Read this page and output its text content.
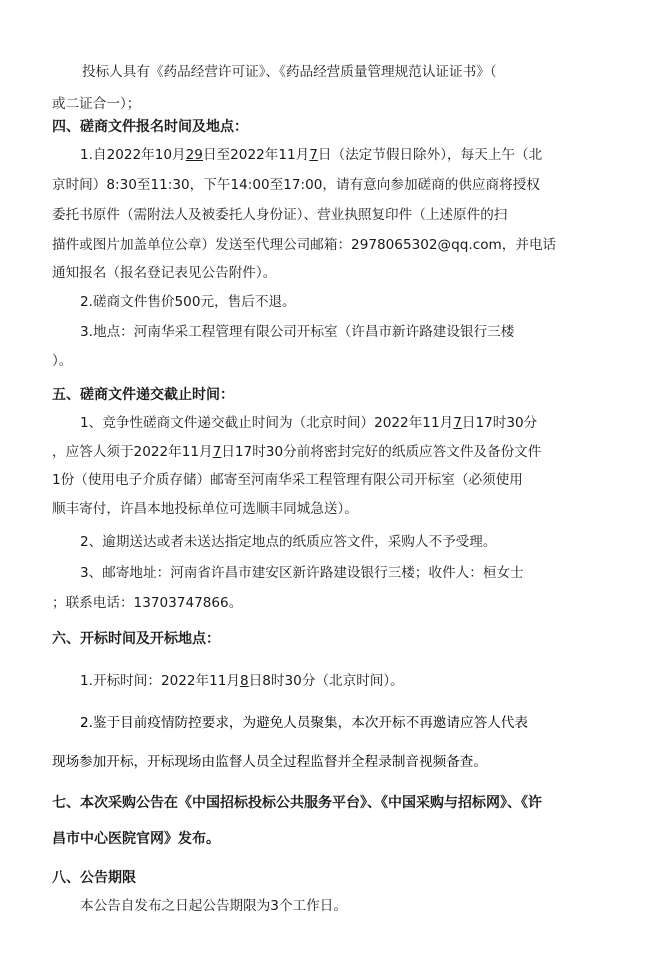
投标人具有《药品经营许可证》、《药品经营质量管理规范认证证书》（
或二证合一）；
四、磋商文件报名时间及地点：
1.自2022年10月29日至2022年11月7日（法定节假日除外），每天上午（北
京时间）8:30至11:30，下午14:00至17:00，请有意向参加磋商的供应商将授权
委托书原件（需附法人及被委托人身份证）、营业执照复印件（上述原件的扫
描件或图片加盖单位公章）发送至代理公司邮箱：2978065302@qq.com，并电话
通知报名（报名登记表见公告附件）。
2.磋商文件售价500元，售后不退。
3.地点：河南华采工程管理有限公司开标室（许昌市新许路建设银行三楼
）。
五、磋商文件递交截止时间：
1、竞争性磋商文件递交截止时间为（北京时间）2022年11月7日17时30分
，应答人须于2022年11月7日17时30分前将密封完好的纸质应答文件及备份文件
1份（使用电子介质存储）邮寄至河南华采工程管理有限公司开标室（必须使用
顺丰寄付，许昌本地投标单位可选顺丰同城急送）。
2、逾期送达或者未送达指定地点的纸质应答文件，采购人不予受理。
3、邮寄地址：河南省许昌市建安区新许路建设银行三楼；收件人：桓女士
；联系电话：13703747866。
六、开标时间及开标地点：
1.开标时间：2022年11月8日8时30分（北京时间）。
2.鉴于目前疫情防控要求，为避免人员聚集，本次开标不再邀请应答人代表
现场参加开标，开标现场由监督人员全过程监督并全程录制音视频备查。
七、本次采购公告在《中国招标投标公共服务平台》、《中国采购与招标网》、《许
昌市中心医院官网》发布。
八、公告期限
本公告自发布之日起公告期限为3个工作日。
